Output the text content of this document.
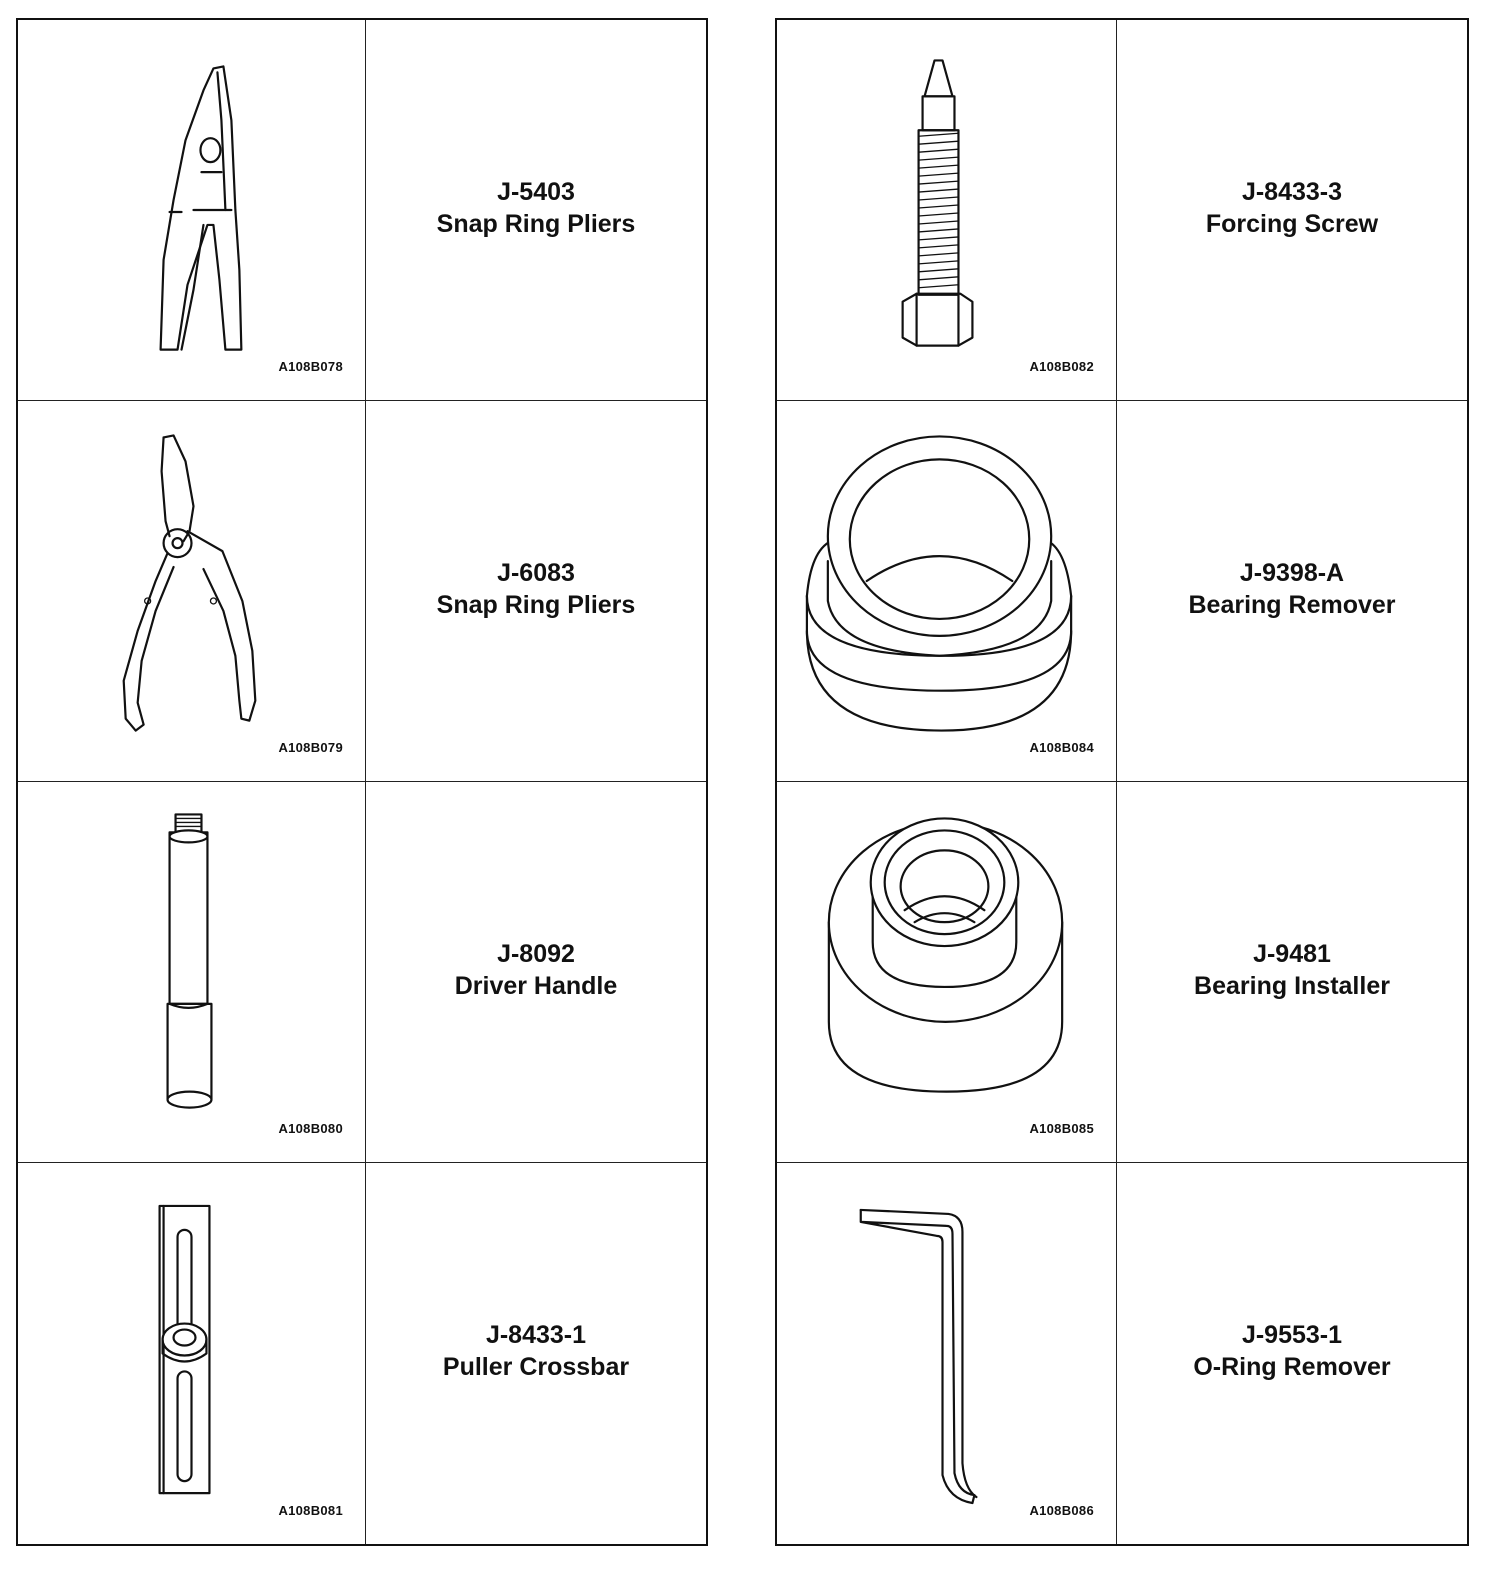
A108B078
J-5403
Snap Ring Pliers
A108B079
J-6083
Snap Ring Pliers
A108B080
J-8092
Driver Handle
A108B081
J-8433-1
Puller Crossbar
A108B082
J-8433-3
Forcing Screw
A108B084
J-9398-A
Bearing Remover
A108B085
J-9481
Bearing Installer
A108B086
J-9553-1
O-Ring Remover
